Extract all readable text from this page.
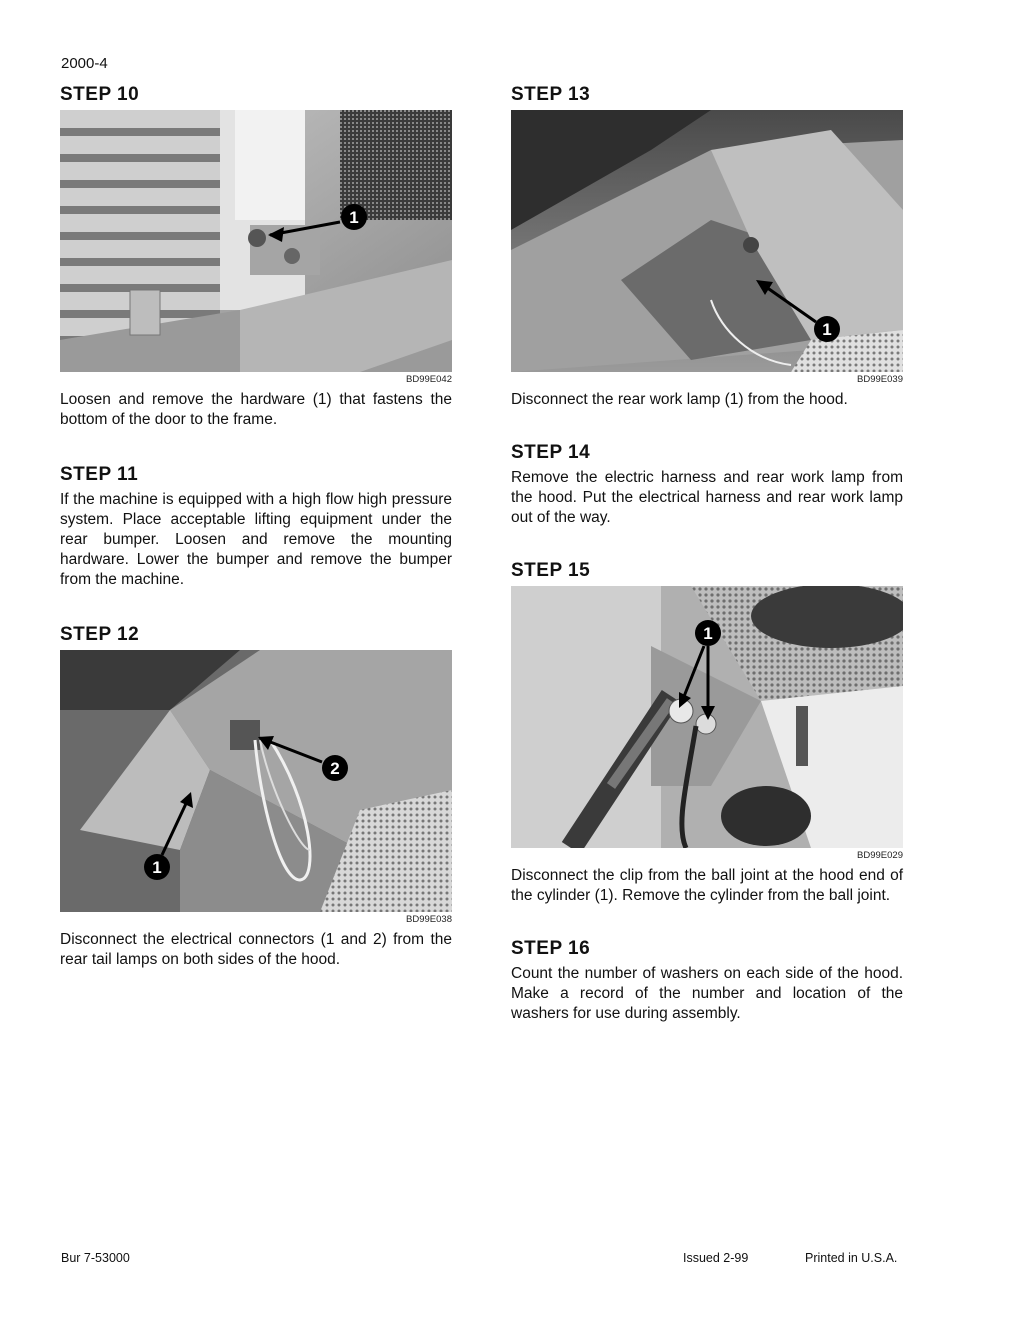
2000-4
STEP 10
1
BD99E042
Loosen and remove the hardware (1) that fastens the bottom of the door to the frame.
STEP 11
If the machine is equipped with a high flow high pressure system. Place acceptable lifting equipment under the rear bumper. Loosen and remove the mounting hardware. Lower the bumper and remove the bumper from the machine.
STEP 12
2
1
BD99E038
Disconnect the electrical connectors (1 and 2) from the rear tail lamps on both sides of the hood.
STEP 13
1
BD99E039
Disconnect the rear work lamp (1) from the hood.
STEP 14
Remove the electric harness and rear work lamp from the hood. Put the electrical harness and rear work lamp out of the way.
STEP 15
1
BD99E029
Disconnect the clip from the ball joint at the hood end of the cylinder (1). Remove the cylinder from the ball joint.
STEP 16
Count the number of washers on each side of the hood. Make a record of the number and location of the washers for use during assembly.
Bur 7-53000	Issued 2-99	Printed in U.S.A.
